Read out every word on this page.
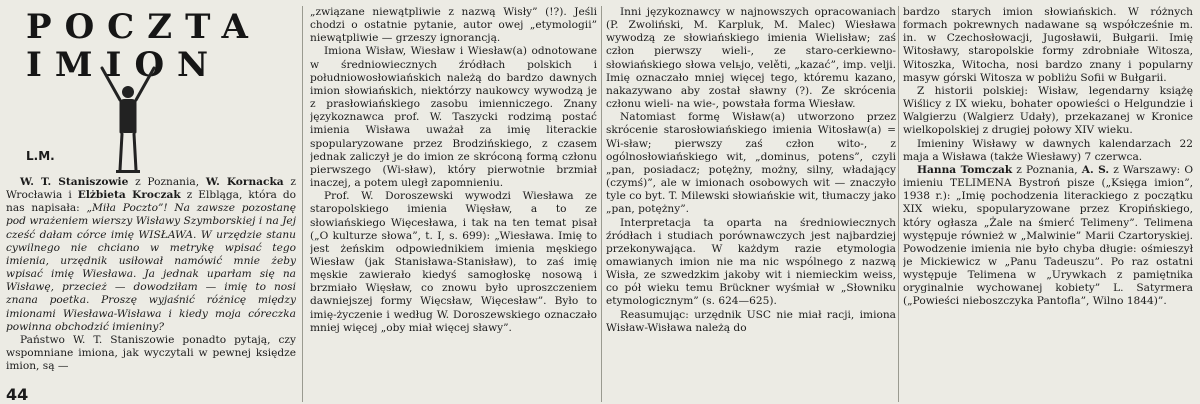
POCZTA
IMION
L.M.

W. T. Staniszowie z Poznania, W. Kornacka z Wrocławia i Elżbieta Kroczak z Elbląga, która do nas napisała: „Miła Poczto”! Na zawsze pozostanę pod wrażeniem wierszy Wisławy Szymborskiej i na Jej cześć dałam córce imię WISŁAWA. W urzędzie stanu cywilnego nie chciano w metrykę wpisać tego imienia, urzędnik usiłował namówić mnie żeby wpisać imię Wiesława. Ja jednak uparłam się na Wisławę, przecież — dowodziłam — imię to nosi znana poetka. Proszę wyjaśnić różnicę między imionami Wiesława-Wisława i kiedy moja córeczka powinna obchodzić imieniny?

Państwo W. T. Staniszowie ponadto pytają, czy wspomniane imiona, jak wyczytali w pewnej księdze imion, są —

„związane niewątpliwie z nazwą Wisły” (!?). Jeśli chodzi o ostatnie pytanie, autor owej „etymologii” niewątpliwie — grzeszy ignorancją.

Imiona Wisław, Wiesław i Wiesław(a) odnotowane w średniowiecznych źródłach polskich i południowosłowiańskich należą do bardzo dawnych imion słowiańskich, niektórzy naukowcy wywodzą je z prasłowiańskiego zasobu imienniczego. Znany językoznawca prof. W. Taszycki rodzimą postać imienia Wisława uważał za imię literackie spopularyzowane przez Brodzińskiego, z czasem jednak zaliczył je do imion ze skróconą formą członu pierwszego (Wi-sław), który pierwotnie brzmiał inaczej, a potem uległ zapomnieniu.

Prof. W. Doroszewski wywodzi Wiesława ze staropolskiego imienia Więsław, a to ze słowiańskiego Więcesława, i tak na ten temat pisał („O kulturze słowa”, t. I, s. 699): „Wiesława. Imię to jest żeńskim odpowiednikiem imienia męskiego Wiesław (jak Stanisława-Stanisław), to zaś imię męskie zawierało kiedyś samogłoskę nosową i brzmiało Więsław, co znowu było uproszczeniem dawniejszej formy Więcsław, Więcesław”. Było to imię-życzenie i według W. Doroszewskiego oznaczało mniej więcej „oby miał więcej sławy”.

Inni językoznawcy w najnowszych opracowaniach (P. Zwoliński, M. Karpluk, M. Malec) Wiesława wywodzą ze słowiańskiego imienia Wielisław; zaś człon pierwszy wieli-, ze staro-cerkiewno-słowiańskiego słowa velьjo, velěti, „kazać”, imp. velji. Imię oznaczało mniej więcej tego, któremu kazano, nakazywano aby został sławny (?). Ze skrócenia członu wieli- na wie-, powstała forma Wiesław.

Natomiast formę Wisław(a) utworzono przez skrócenie starosłowiańskiego imienia Witosław(a) = Wi-sław; pierwszy zaś człon wito-, z ogólnosłowiańskiego wit, „dominus, potens”, czyli „pan, posiadacz; potężny, możny, silny, władający (czymś)”, ale w imionach osobowych wit — znaczyło tyle co byt. T. Milewski słowiańskie wit, tłumaczy jako „pan, potężny”.

Interpretacja ta oparta na średniowiecznych źródłach i studiach porównawczych jest najbardziej przekonywająca. W każdym razie etymologia omawianych imion nie ma nic wspólnego z nazwą Wisła, ze szwedzkim jakoby wit i niemieckim weiss, co pół wieku temu Brückner wyśmiał w „Słowniku etymologicznym” (s. 624—625).

Reasumując: urzędnik USC nie miał racji, imiona Wisław-Wisława należą do

bardzo starych imion słowiańskich. W różnych formach pokrewnych nadawane są współcześnie m. in. w Czechosłowacji, Jugosławii, Bułgarii. Imię Witosławy, staropolskie formy zdrobniałe Witosza, Witoszka, Witocha, nosi bardzo znany i popularny masyw górski Witosza w pobliżu Sofii w Bułgarii.

Z historii polskiej: Wisław, legendarny książę Wiślicy z IX wieku, bohater opowieści o Helgundzie i Walgierzu (Walgierz Udały), przekazanej w Kronice wielkopolskiej z drugiej połowy XIV wieku.

Imieniny Wisławy w dawnych kalendarzach 22 maja a Wisława (także Wiesławy) 7 czerwca.

Hanna Tomczak z Poznania, A. S. z Warszawy: O imieniu TELIMENA Bystroń pisze („Księga imion”, 1938 r.): „Imię pochodzenia literackiego z początku XIX wieku, spopularyzowane przez Kropińskiego, który ogłasza „Żale na śmierć Telimeny”. Telimena występuje również w „Malwinie” Marii Czartoryskiej. Powodzenie imienia nie było chyba długie: ośmieszył je Mickiewicz w „Panu Tadeuszu”. Po raz ostatni występuje Telimena w „Urywkach z pamiętnika oryginalnie wychowanej kobiety” L. Satyrmera („Powieści nieboszczyka Pantofla”, Wilno 1844)”.

44
